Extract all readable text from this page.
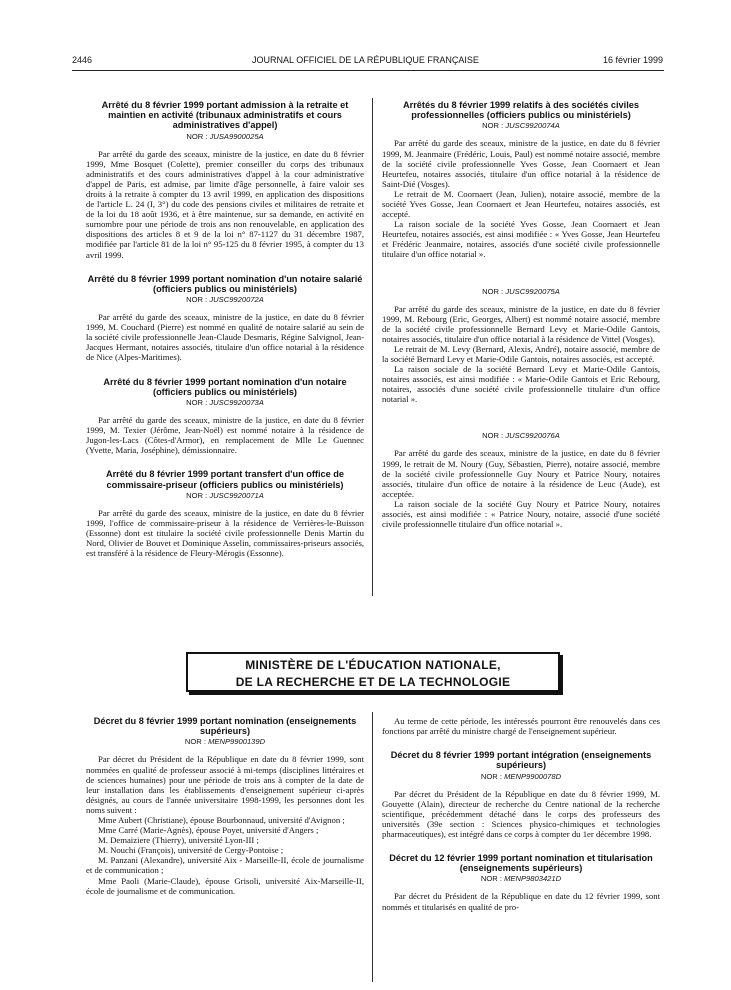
2446	JOURNAL OFFICIEL DE LA RÉPUBLIQUE FRANÇAISE	16 février 1999
Arrêté du 8 février 1999 portant admission à la retraite et maintien en activité (tribunaux administratifs et cours administratives d'appel)
NOR : JUSA9900025A

Par arrêté du garde des sceaux, ministre de la justice, en date du 8 février 1999, Mme Bosquet (Colette), premier conseiller du corps des tribunaux administratifs et des cours administratives d'appel à la cour administrative d'appel de Paris, est admise, par limite d'âge personnelle, à faire valoir ses droits à la retraite à compter du 13 avril 1999, en application des dispositions de l'article L. 24 (I, 3°) du code des pensions civiles et militaires de retraite et de la loi du 18 août 1936, et à être maintenue, sur sa demande, en activité en surnombre pour une période de trois ans non renouvelable, en application des dispositions des articles 8 et 9 de la loi n° 87-1127 du 31 décembre 1987, modifiée par l'article 81 de la loi n° 95-125 du 8 février 1995, à compter du 13 avril 1999.

Arrêté du 8 février 1999 portant nomination d'un notaire salarié (officiers publics ou ministériels)
NOR : JUSC9920072A

Par arrêté du garde des sceaux, ministre de la justice, en date du 8 février 1999, M. Couchard (Pierre) est nommé en qualité de notaire salarié au sein de la société civile professionnelle Jean-Claude Desmaris, Régine Salvignol, Jean-Jacques Hermant, notaires associés, titulaire d'un office notarial à la résidence de Nice (Alpes-Maritimes).

Arrêté du 8 février 1999 portant nomination d'un notaire (officiers publics ou ministériels)
NOR : JUSC9920073A

Par arrêté du garde des sceaux, ministre de la justice, en date du 8 février 1999, M. Texier (Jérôme, Jean-Noël) est nommé notaire à la résidence de Jugon-les-Lacs (Côtes-d'Armor), en remplacement de Mlle Le Guennec (Yvette, Maria, Joséphine), démissionnaire.

Arrêté du 8 février 1999 portant transfert d'un office de commissaire-priseur (officiers publics ou ministériels)
NOR : JUSC9920071A

Par arrêté du garde des sceaux, ministre de la justice, en date du 8 février 1999, l'office de commissaire-priseur à la résidence de Verrières-le-Buisson (Essonne) dont est titulaire la société civile professionnelle Denis Martin du Nord, Olivier de Bouvet et Dominique Asselin, commissaires-priseurs associés, est transféré à la résidence de Fleury-Mérogis (Essonne).

Arrêtés du 8 février 1999 relatifs à des sociétés civiles professionnelles (officiers publics ou ministériels)
NOR : JUSC9920074A

Par arrêté du garde des sceaux, ministre de la justice, en date du 8 février 1999, M. Jeanmaire (Frédéric, Louis, Paul) est nommé notaire associé, membre de la société civile professionnelle Yves Gosse, Jean Coornaert et Jean Heurtefeu, notaires associés, titulaire d'un office notarial à la résidence de Saint-Dié (Vosges).

Le retrait de M. Coornaert (Jean, Julien), notaire associé, membre de la société Yves Gosse, Jean Coornaert et Jean Heurtefeu, notaires associés, est accepté.

La raison sociale de la société Yves Gosse, Jean Coornaert et Jean Heurtefeu, notaires associés, est ainsi modifiée : « Yves Gosse, Jean Heurtefeu et Frédéric Jeanmaire, notaires, associés d'une société civile professionnelle titulaire d'un office notarial ».

NOR : JUSC9920075A

Par arrêté du garde des sceaux, ministre de la justice, en date du 8 février 1999, M. Rebourg (Eric, Georges, Albert) est nommé notaire associé, membre de la société civile professionnelle Bernard Levy et Marie-Odile Gantois, notaires associés, titulaire d'un office notarial à la résidence de Vittel (Vosges).

Le retrait de M. Levy (Bernard, Alexis, André), notaire associé, membre de la société Bernard Levy et Marie-Odile Gantois, notaires associés, est accepté.

La raison sociale de la société Bernard Levy et Marie-Odile Gantois, notaires associés, est ainsi modifiée : « Marie-Odile Gantois et Eric Rebourg, notaires, associés d'une société civile professionnelle titulaire d'un office notarial ».

NOR : JUSC9920076A

Par arrêté du garde des sceaux, ministre de la justice, en date du 8 février 1999, le retrait de M. Noury (Guy, Sébastien, Pierre), notaire associé, membre de la société civile professionnelle Guy Noury et Patrice Noury, notaires associés, titulaire d'un office de notaire à la résidence de Leuc (Aude), est acceptée.

La raison sociale de la société Guy Noury et Patrice Noury, notaires associés, est ainsi modifiée : « Patrice Noury, notaire, associé d'une société civile professionnelle titulaire d'un office notarial ».

MINISTÈRE DE L'ÉDUCATION NATIONALE,
DE LA RECHERCHE ET DE LA TECHNOLOGIE
Décret du 8 février 1999 portant nomination (enseignements supérieurs)
NOR : MENP9900139D

Par décret du Président de la République en date du 8 février 1999, sont nommées en qualité de professeur associé à mi-temps (disciplines littéraires et de sciences humaines) pour une période de trois ans à compter de la date de leur installation dans les établissements d'enseignement supérieur ci-après désignés, au cours de l'année universitaire 1998-1999, les personnes dont les noms suivent :

Mme Aubert (Christiane), épouse Bourbonnaud, université d'Avignon ;

Mme Carré (Marie-Agnès), épouse Poyet, université d'Angers ;

M. Demaiziere (Thierry), université Lyon-III ;

M. Nouchi (François), université de Cergy-Pontoise ;

M. Panzani (Alexandre), université Aix - Marseille-II, école de journalisme et de communication ;

Mme Paoli (Marie-Claude), épouse Grisoli, université Aix-Marseille-II, école de journalisme et de communication.

Au terme de cette période, les intéressés pourront être renouvelés dans ces fonctions par arrêté du ministre chargé de l'enseignement supérieur.

Décret du 8 février 1999 portant intégration (enseignements supérieurs)
NOR : MENP9900078D

Par décret du Président de la République en date du 8 février 1999, M. Gouyette (Alain), directeur de recherche du Centre national de la recherche scientifique, précédemment détaché dans le corps des professeurs des universités (39e section : Sciences physico-chimiques et technologies pharmaceutiques), est intégré dans ce corps à compter du 1er décembre 1998.

Décret du 12 février 1999 portant nomination et titularisation (enseignements supérieurs)
NOR : MENP9803421D

Par décret du Président de la République en date du 12 février 1999, sont nommés et titularisés en qualité de pro-
